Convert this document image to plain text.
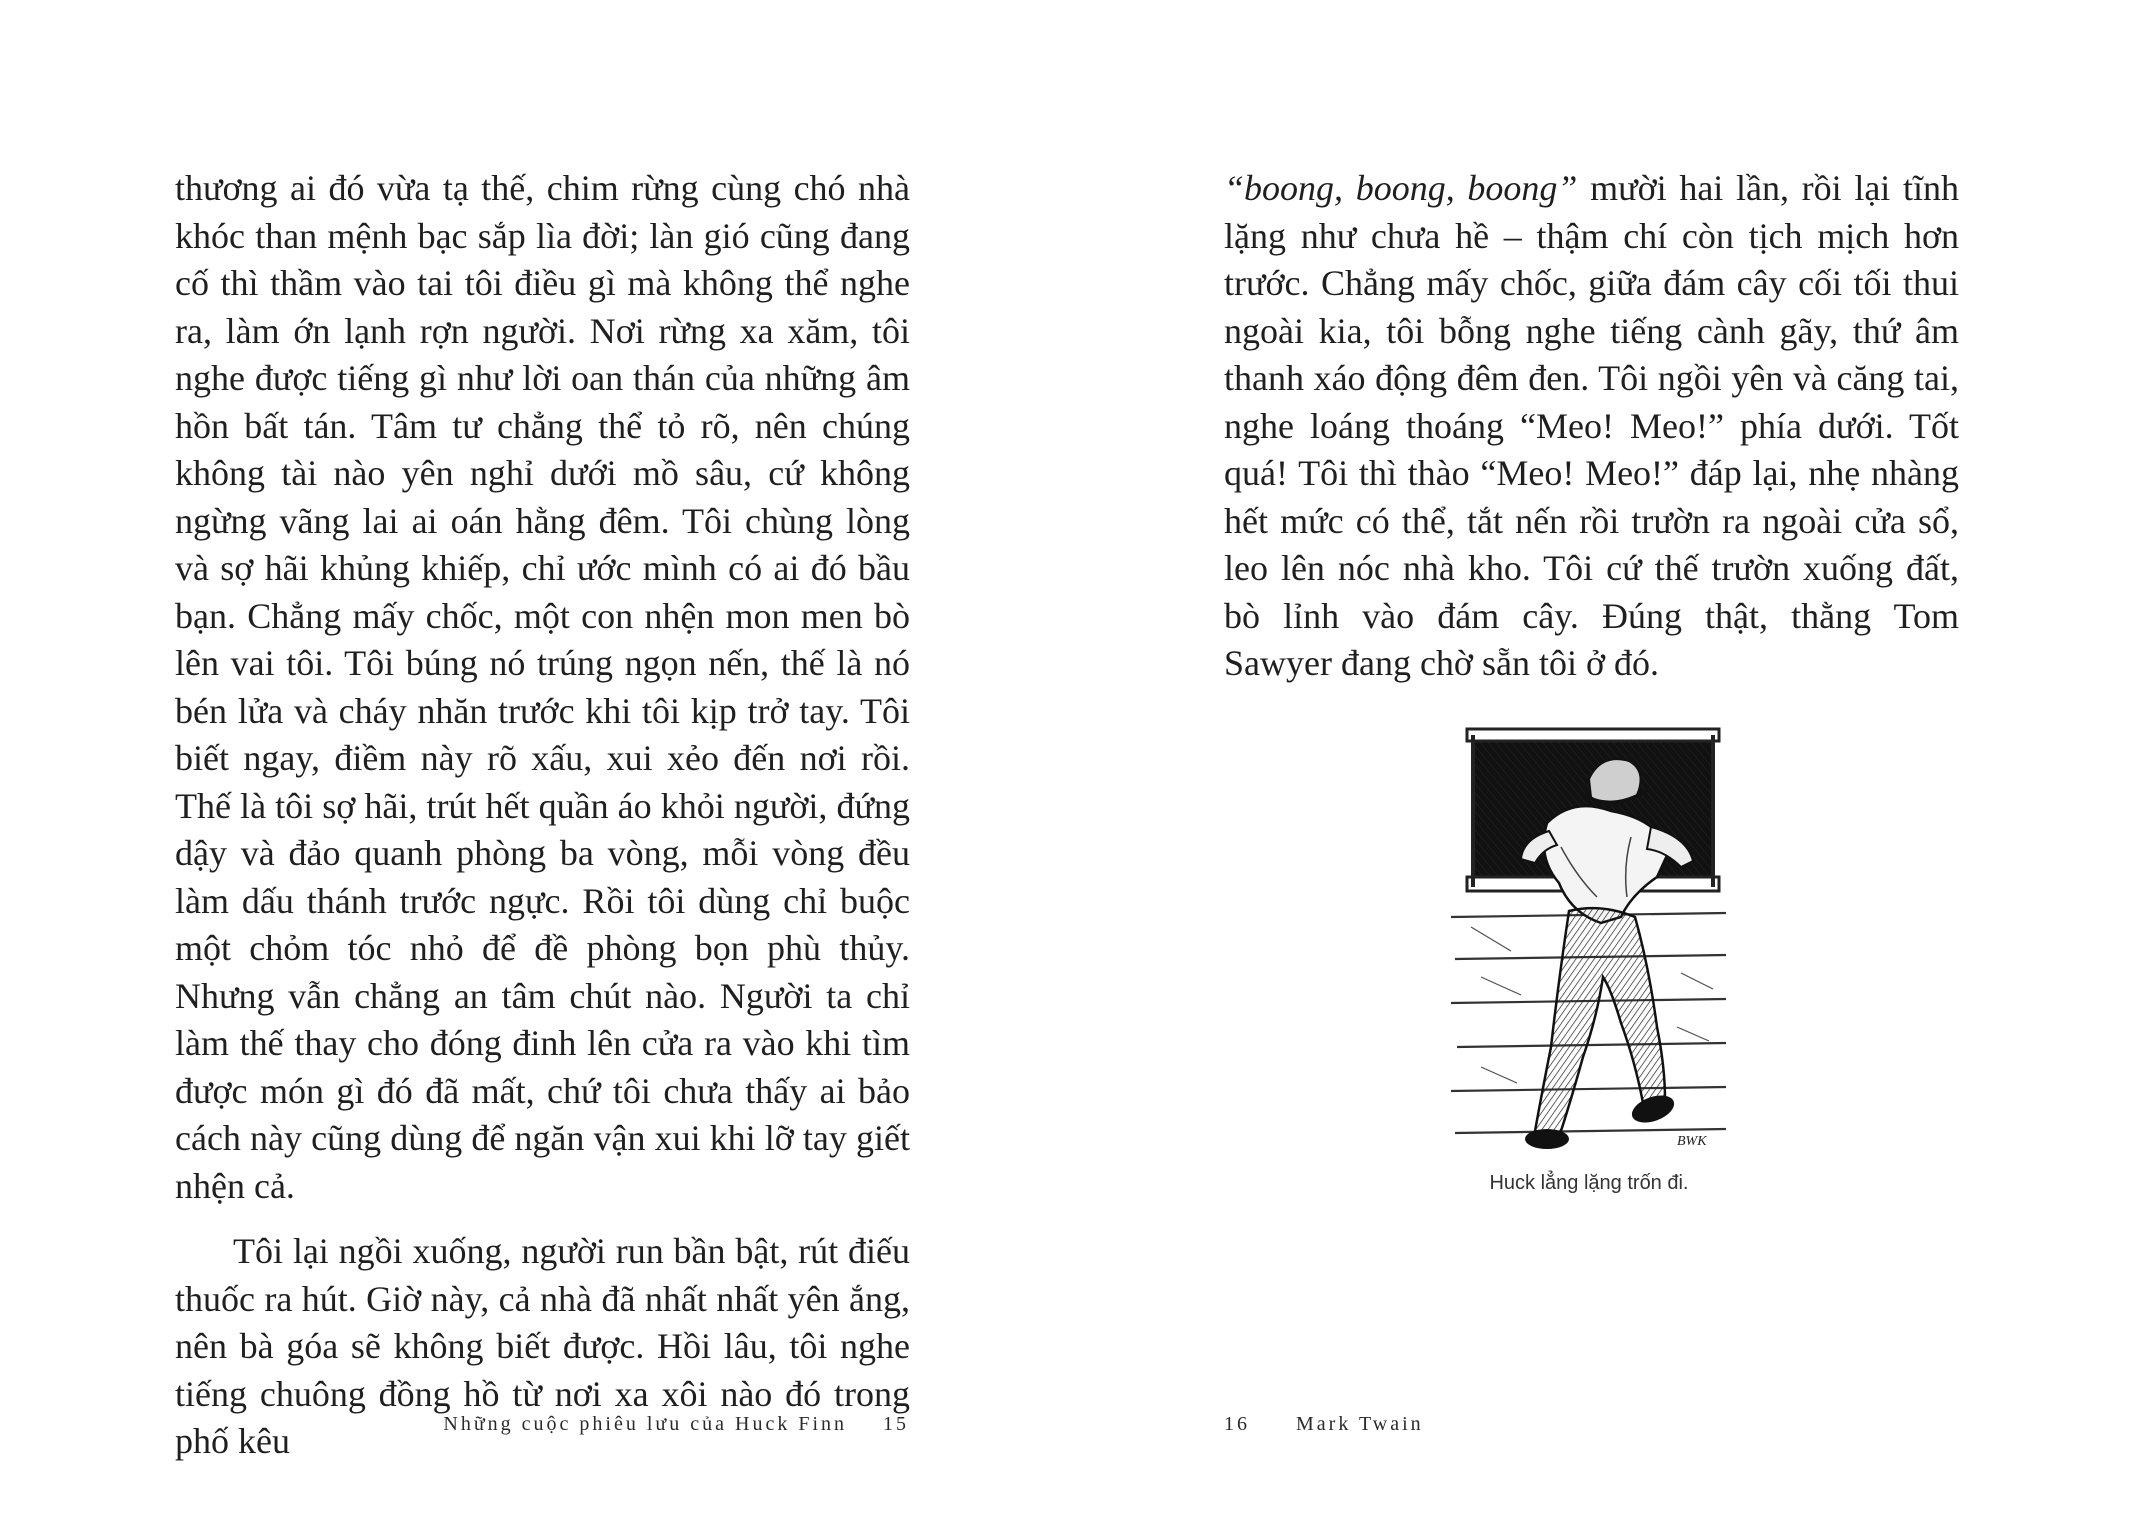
thương ai đó vừa tạ thế, chim rừng cùng chó nhà khóc than mệnh bạc sắp lìa đời; làn gió cũng đang cố thì thầm vào tai tôi điều gì mà không thể nghe ra, làm ớn lạnh rợn người. Nơi rừng xa xăm, tôi nghe được tiếng gì như lời oan thán của những âm hồn bất tán. Tâm tư chẳng thể tỏ rõ, nên chúng không tài nào yên nghỉ dưới mồ sâu, cứ không ngừng vãng lai ai oán hằng đêm. Tôi chùng lòng và sợ hãi khủng khiếp, chỉ ước mình có ai đó bầu bạn. Chẳng mấy chốc, một con nhện mon men bò lên vai tôi. Tôi búng nó trúng ngọn nến, thế là nó bén lửa và cháy nhăn trước khi tôi kịp trở tay. Tôi biết ngay, điềm này rõ xấu, xui xẻo đến nơi rồi. Thế là tôi sợ hãi, trút hết quần áo khỏi người, đứng dậy và đảo quanh phòng ba vòng, mỗi vòng đều làm dấu thánh trước ngực. Rồi tôi dùng chỉ buộc một chỏm tóc nhỏ để đề phòng bọn phù thủy. Nhưng vẫn chẳng an tâm chút nào. Người ta chỉ làm thế thay cho đóng đinh lên cửa ra vào khi tìm được món gì đó đã mất, chứ tôi chưa thấy ai bảo cách này cũng dùng để ngăn vận xui khi lỡ tay giết nhện cả.

Tôi lại ngồi xuống, người run bần bật, rút điếu thuốc ra hút. Giờ này, cả nhà đã nhất nhất yên ắng, nên bà góa sẽ không biết được. Hồi lâu, tôi nghe tiếng chuông đồng hồ từ nơi xa xôi nào đó trong phố kêu	Những cuộc phiêu lưu của Huck Finn 15

“boong, boong, boong” mười hai lần, rồi lại tĩnh lặng như chưa hề – thậm chí còn tịch mịch hơn trước. Chẳng mấy chốc, giữa đám cây cối tối thui ngoài kia, tôi bỗng nghe tiếng cành gãy, thứ âm thanh xáo động đêm đen. Tôi ngồi yên và căng tai, nghe loáng thoáng “Meo! Meo!” phía dưới. Tốt quá! Tôi thì thào “Meo! Meo!” đáp lại, nhẹ nhàng hết mức có thể, tắt nến rồi trườn ra ngoài cửa sổ, leo lên nóc nhà kho. Tôi cứ thế trườn xuống đất, bò lỉnh vào đám cây. Đúng thật, thằng Tom Sawyer đang chờ sẵn tôi ở đó.

BWK
Huck lẳng lặng trốn đi.
16 Mark Twain
